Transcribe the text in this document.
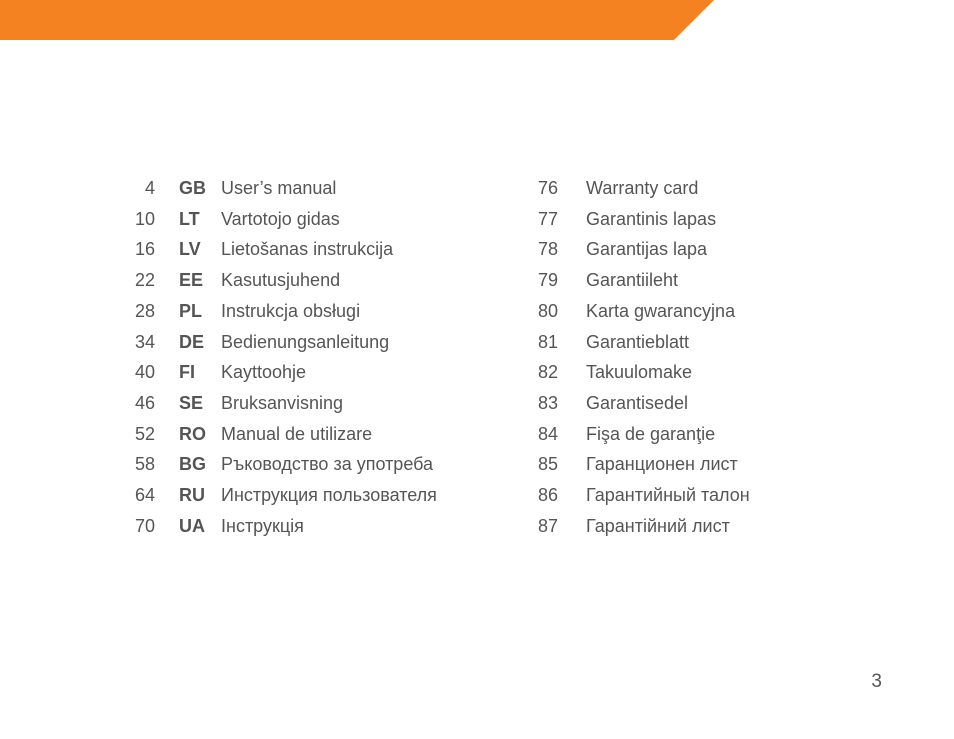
4 GB User’s manual
10 LT Vartotojo gidas
16 LV Lietošanas instrukcija
22 EE Kasutusjuhend
28 PL Instrukcja obsługi
34 DE Bedienungsanleitung
40 FI Kayttoohje
46 SE Bruksanvisning
52 RO Manual de utilizare
58 BG Ръководство за употреба
64 RU Инструкция пользователя
70 UA Інструкція
76 Warranty card
77 Garantinis lapas
78 Garantijas lapa
79 Garantiileht
80 Karta gwarancyjna
81 Garantieblatt
82 Takuulomake
83 Garantisedel
84 Fişa de garanţie
85 Гаранционен лист
86 Гарантийный талон
87 Гарантійний лист
3
